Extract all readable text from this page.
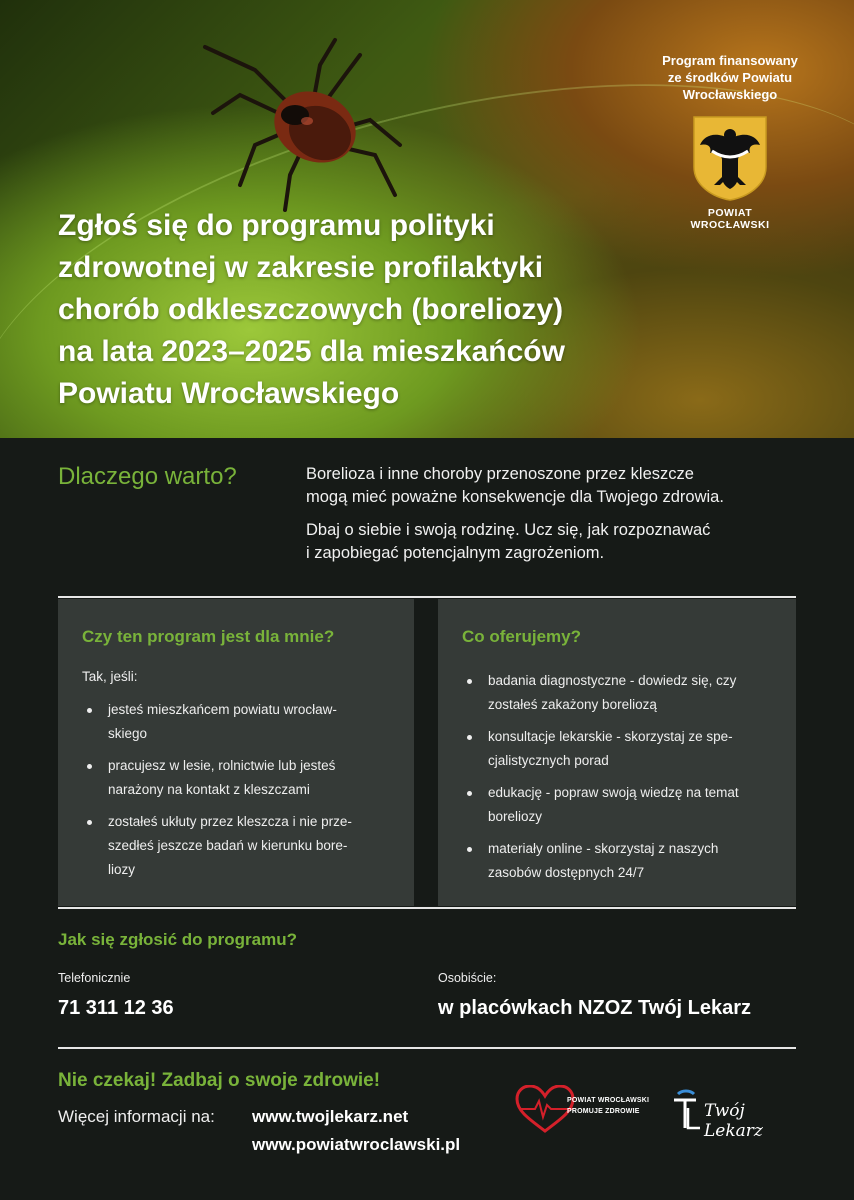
Program finansowany
ze środków Powiatu
Wrocławskiego
POWIAT
WROCŁAWSKI
Zgłoś się do programu polityki
zdrowotnej w zakresie profilaktyki
chorób odkleszczowych (boreliozy)
na lata 2023–2025 dla mieszkańców
Powiatu Wrocławskiego
Dlaczego warto?	Borelioza i inne choroby przenoszone przez kleszcze
mogą mieć poważne konsekwencje dla Twojego zdrowia.

Dbaj o siebie i swoją rodzinę. Ucz się, jak rozpoznawać
i zapobiegać potencjalnym zagrożeniom.

Czy ten program jest dla mnie?
Tak, jeśli:
jesteś mieszkańcem powiatu wrocław-
skiego
pracujesz w lesie, rolnictwie lub jesteś
narażony na kontakt z kleszczami
zostałeś ukłuty przez kleszcza i nie prze-
szedłeś jeszcze badań w kierunku bore-
liozy
Co oferujemy?
badania diagnostyczne - dowiedz się, czy
zostałeś zakażony boreliozą
konsultacje lekarskie - skorzystaj ze spe-
cjalistycznych porad
edukację - popraw swoją wiedzę na temat
boreliozy
materiały online - skorzystaj z naszych
zasobów dostępnych 24/7
Jak się zgłosić do programu?
Telefonicznie
71 311 12 36
Osobiście:
w placówkach NZOZ Twój Lekarz
Nie czekaj! Zadbaj o swoje zdrowie!
Więcej informacji na: www.twojlekarz.net
www.powiatwroclawski.pl
POWIAT WROCŁAWSKI
PROMUJE ZDROWIE	Twój Lekarz
